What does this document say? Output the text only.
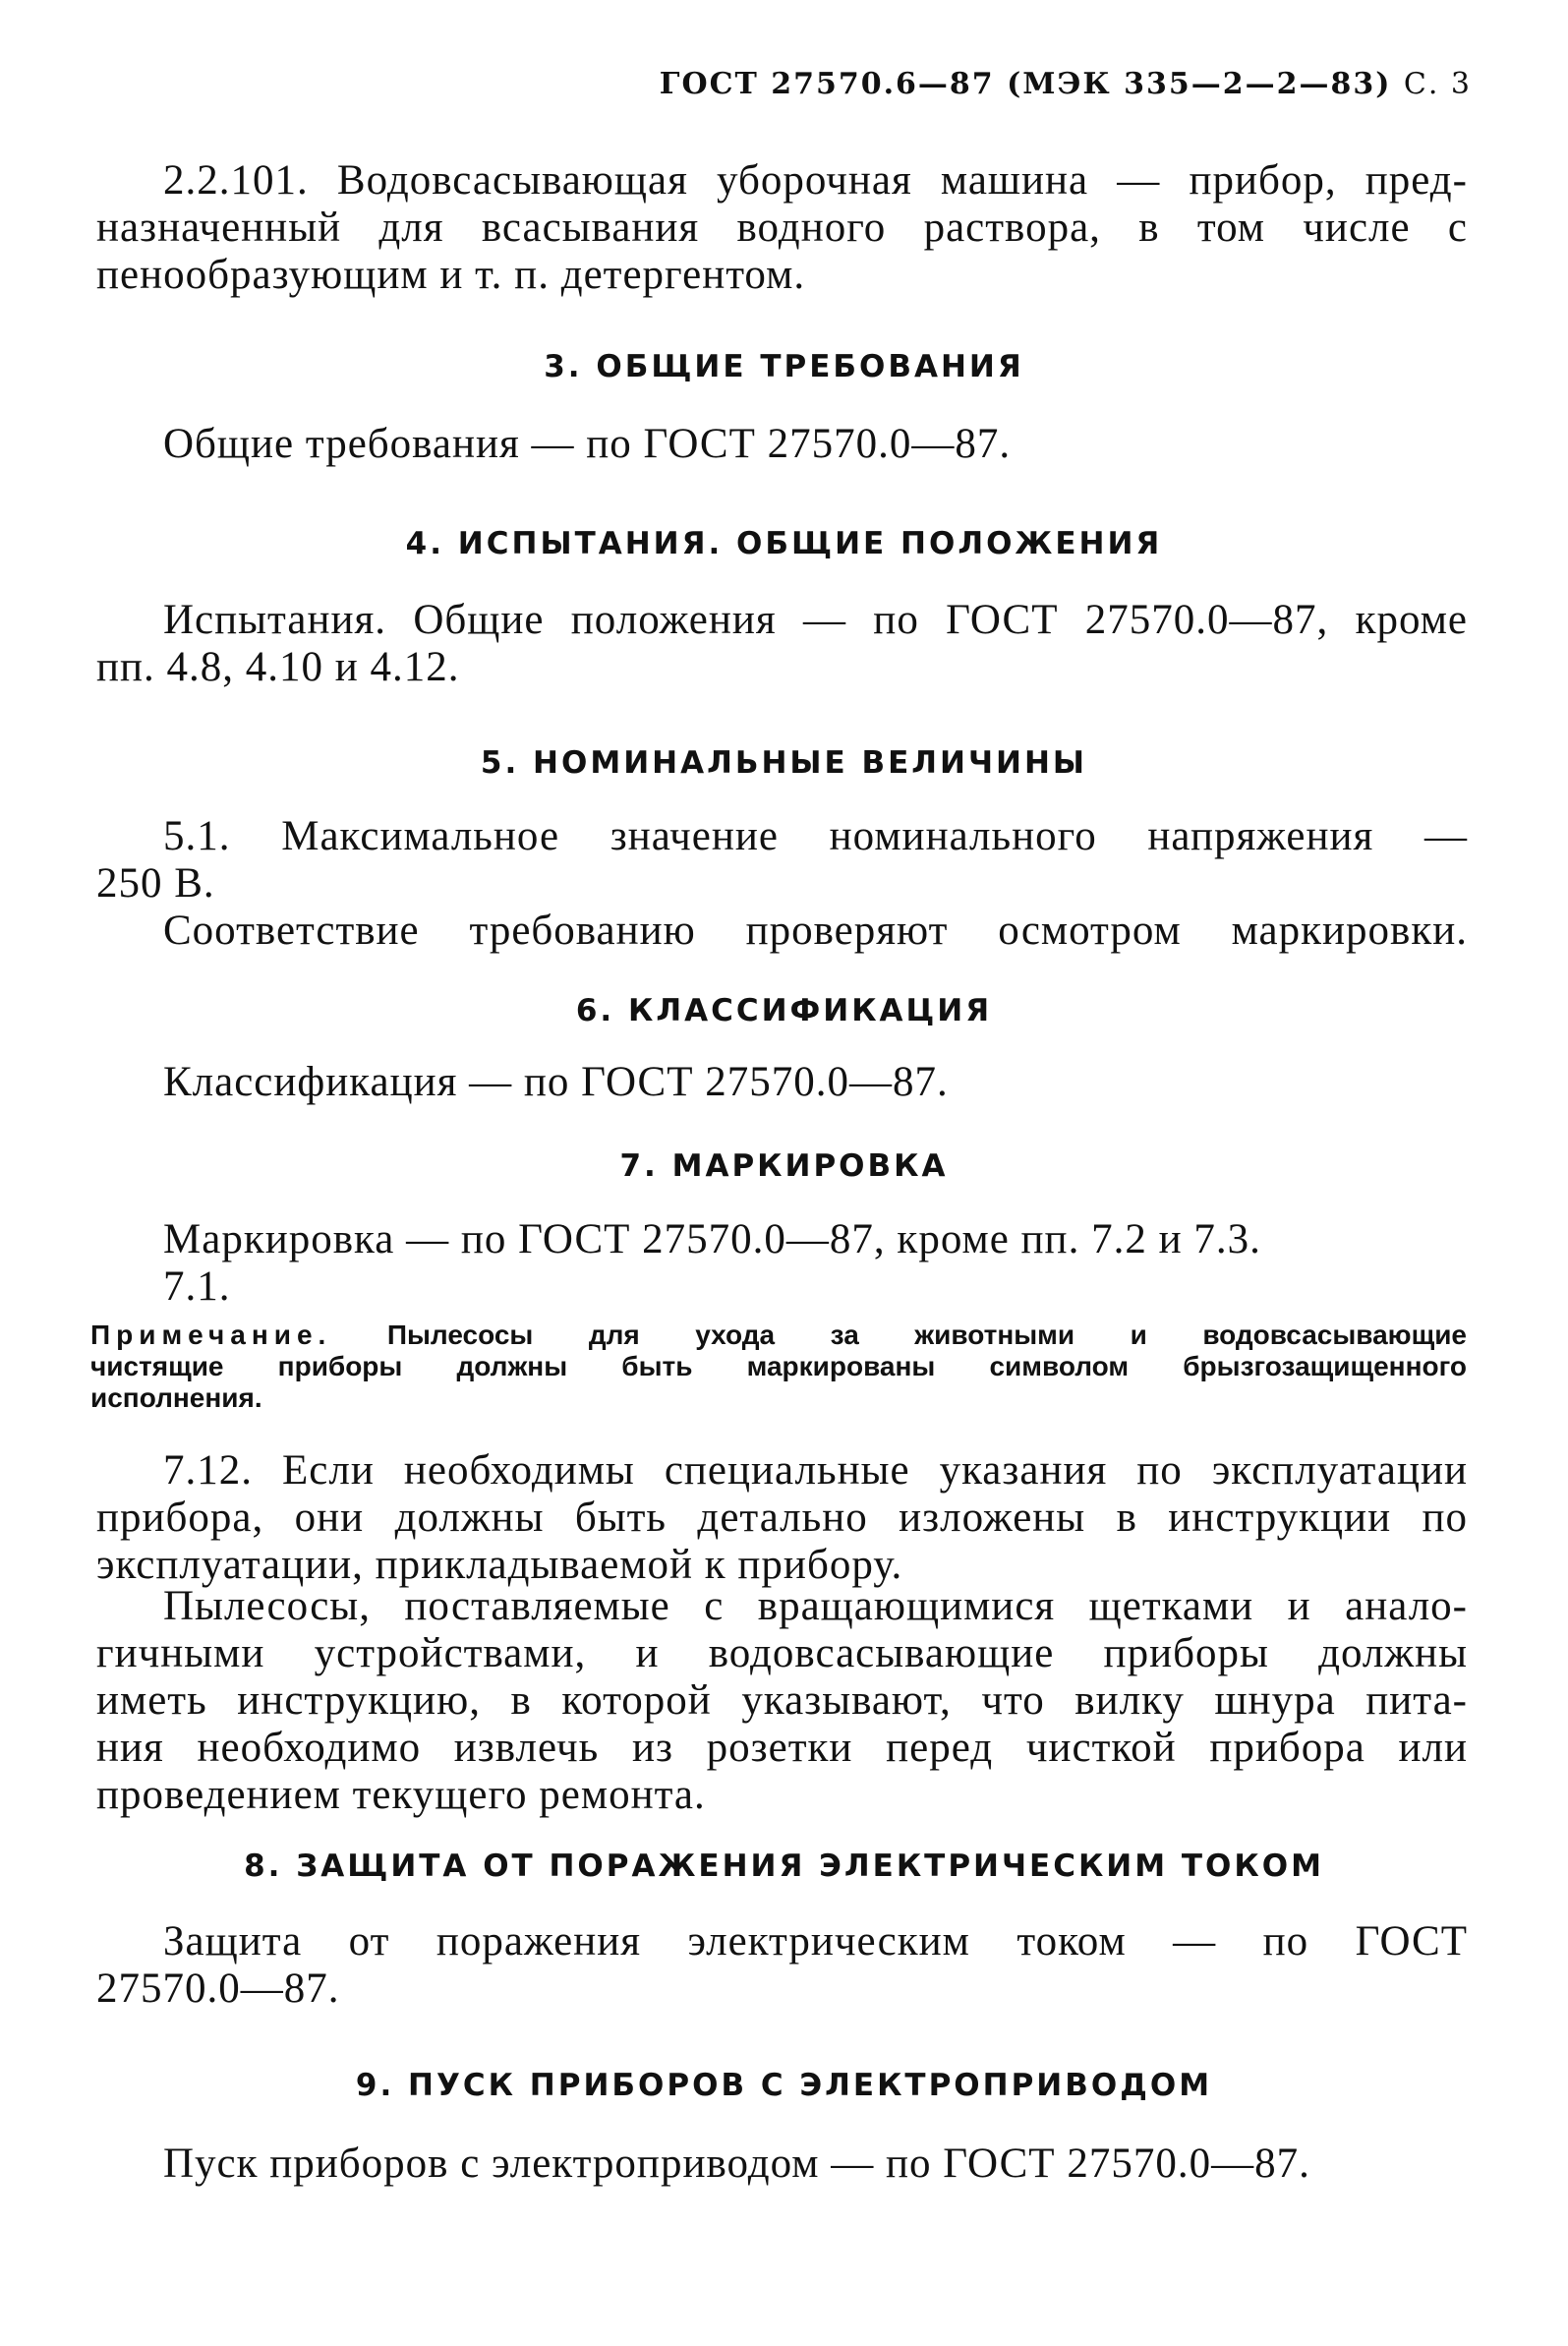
ГОСТ 27570.6—87 (МЭК 335—2—2—83) С. 3
2.2.101. Водовсасывающая уборочная машина — прибор, пред-
назначенный для всасывания водного раствора, в том числе с
пенообразующим и т. п. детергентом.
3. ОБЩИЕ ТРЕБОВАНИЯ
Общие требования — по ГОСТ 27570.0—87.
4. ИСПЫТАНИЯ. ОБЩИЕ ПОЛОЖЕНИЯ
Испытания. Общие положения — по ГОСТ 27570.0—87, кроме
пп. 4.8, 4.10 и 4.12.
5. НОМИНАЛЬНЫЕ ВЕЛИЧИНЫ
5.1. Максимальное значение номинального напряжения —
250 В.
Соответствие требованию проверяют осмотром маркировки.
6. КЛАССИФИКАЦИЯ
Классификация — по ГОСТ 27570.0—87.
7. МАРКИРОВКА
Маркировка — по ГОСТ 27570.0—87, кроме пп. 7.2 и 7.3.
7.1.
Примечание. Пылесосы для ухода за животными и водовсасывающие
чистящие приборы должны быть маркированы символом брызгозащищенного
исполнения.
7.12. Если необходимы специальные указания по эксплуатации
прибора, они должны быть детально изложены в инструкции по
эксплуатации, прикладываемой к прибору.
Пылесосы, поставляемые с вращающимися щетками и анало-
гичными устройствами, и водовсасывающие приборы должны
иметь инструкцию, в которой указывают, что вилку шнура пита-
ния необходимо извлечь из розетки перед чисткой прибора или
проведением текущего ремонта.
8. ЗАЩИТА ОТ ПОРАЖЕНИЯ ЭЛЕКТРИЧЕСКИМ ТОКОМ
Защита от поражения электрическим током — по ГОСТ
27570.0—87.
9. ПУСК ПРИБОРОВ С ЭЛЕКТРОПРИВОДОМ
Пуск приборов с электроприводом — по ГОСТ 27570.0—87.
